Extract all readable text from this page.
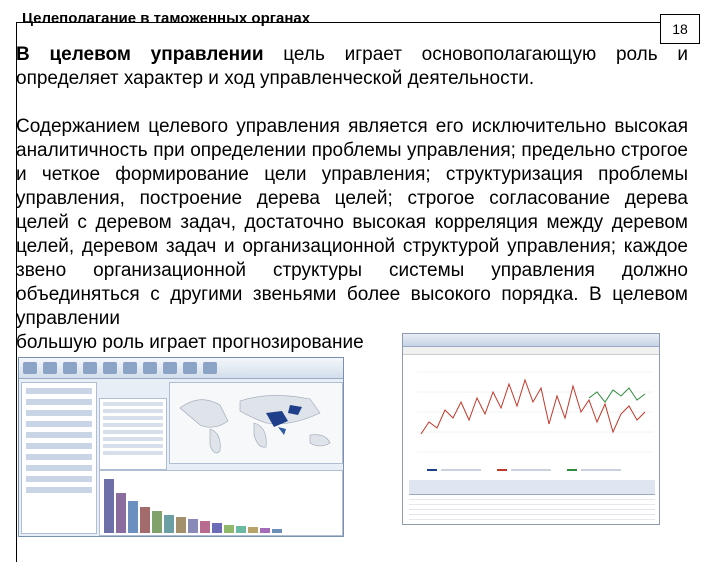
Целеполагание в таможенных органах
18
В целевом управлении цель играет основополагающую роль и определяет характер и ход управленческой деятельности.
Содержанием целевого управления является его исключительно высокая аналитичность при определении проблемы управления; предельно строгое и четкое формирование цели управления; структуризация проблемы управления, построение дерева целей; строгое согласование дерева целей с деревом задач, достаточно высокая корреляция между деревом целей, деревом задач и организационной структурой управления; каждое звено организационной структуры системы управления должно объединяться с другими звеньями более высокого порядка. В целевом управлении
большую роль играет прогнозирование
